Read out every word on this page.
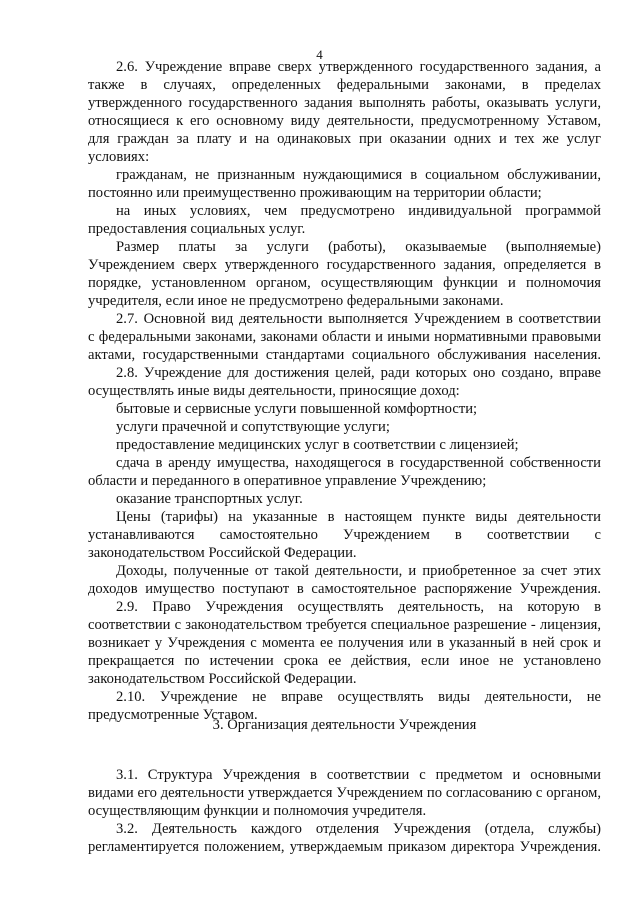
4
2.6. Учреждение вправе сверх утвержденного государственного задания, а
также в случаях, определенных федеральными законами, в пределах
утвержденного государственного задания выполнять работы, оказывать услуги,
относящиеся к его основному виду деятельности, предусмотренному Уставом,
для граждан за плату и на одинаковых при оказании одних и тех же услуг
условиях:
гражданам, не признанным нуждающимися в социальном обслуживании,
постоянно или преимущественно проживающим на территории области;
на иных условиях, чем предусмотрено индивидуальной программой
предоставления социальных услуг.
Размер платы за услуги (работы), оказываемые (выполняемые)
Учреждением сверх утвержденного государственного задания, определяется в
порядке, установленном органом, осуществляющим функции и полномочия
учредителя, если иное не предусмотрено федеральными законами.
2.7. Основной вид деятельности выполняется Учреждением в соответствии
с федеральными законами, законами области и иными нормативными правовыми
актами, государственными стандартами социального обслуживания населения.
2.8. Учреждение для достижения целей, ради которых оно создано, вправе
осуществлять иные виды деятельности, приносящие доход:
бытовые и сервисные услуги повышенной комфортности;
услуги прачечной и сопутствующие услуги;
предоставление медицинских услуг в соответствии с лицензией;
сдача в аренду имущества, находящегося в государственной собственности
области и переданного в оперативное управление Учреждению;
оказание транспортных услуг.
Цены (тарифы) на указанные в настоящем пункте виды деятельности
устанавливаются самостоятельно Учреждением в соответствии с
законодательством Российской Федерации.
Доходы, полученные от такой деятельности, и приобретенное за счет этих
доходов имущество поступают в самостоятельное распоряжение Учреждения.
2.9. Право Учреждения осуществлять деятельность, на которую в
соответствии с законодательством требуется специальное разрешение - лицензия,
возникает у Учреждения с момента ее получения или в указанный в ней срок и
прекращается по истечении срока ее действия, если иное не установлено
законодательством Российской Федерации.
2.10. Учреждение не вправе осуществлять виды деятельности, не
предусмотренные Уставом.
3. Организация деятельности Учреждения
3.1. Структура Учреждения в соответствии с предметом и основными
видами его деятельности утверждается Учреждением по согласованию с органом,
осуществляющим функции и полномочия учредителя.
3.2. Деятельность каждого отделения Учреждения (отдела, службы)
регламентируется положением, утверждаемым приказом директора Учреждения.
